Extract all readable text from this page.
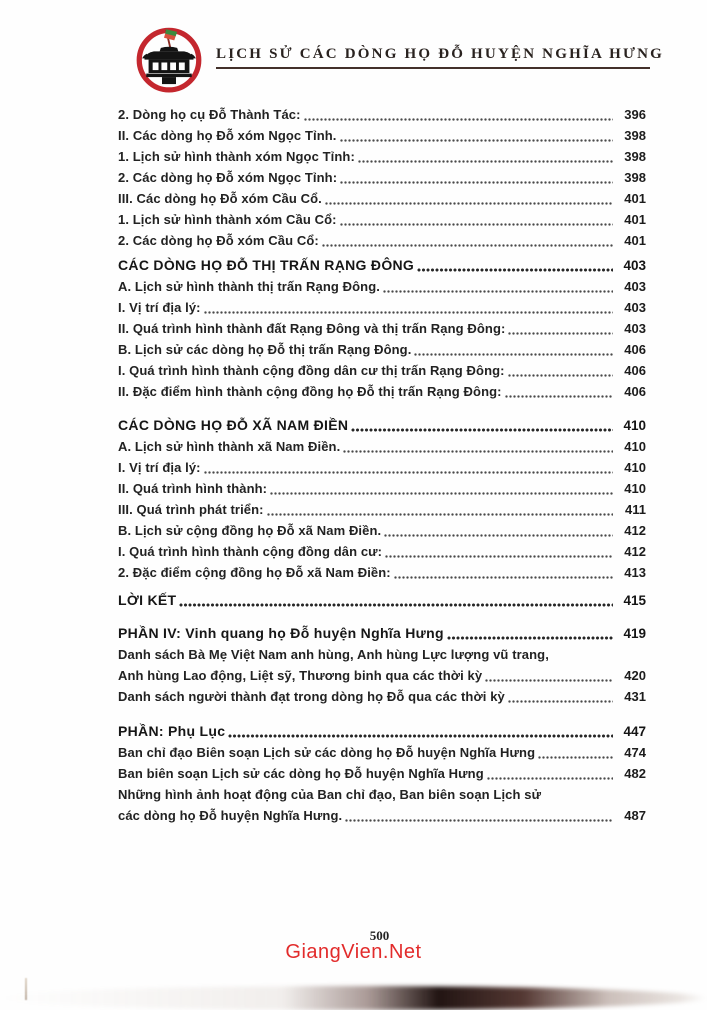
LỊCH SỬ CÁC DÒNG HỌ ĐỖ HUYỆN NGHĨA HƯNG
2. Dòng họ cụ Đỗ Thành Tác:	396
II. Các dòng họ Đỗ xóm Ngọc Tỉnh.	398
1. Lịch sử hình thành xóm Ngọc Tỉnh:	398
2. Các dòng họ Đỗ xóm Ngọc Tỉnh:	398
III. Các dòng họ Đỗ xóm Cầu Cổ.	401
1. Lịch sử hình thành xóm Cầu Cổ:	401
2. Các dòng họ Đỗ xóm Cầu Cổ:	401
CÁC DÒNG HỌ ĐỖ THỊ TRẤN RẠNG ĐÔNG	403
A. Lịch sử hình thành thị trấn Rạng Đông.	403
I. Vị trí địa lý:	403
II. Quá trình hình thành đất Rạng Đông và thị trấn Rạng Đông:	403
B. Lịch sử các dòng họ Đỗ thị trấn Rạng Đông.	406
I. Quá trình hình thành cộng đồng dân cư thị trấn Rạng Đông:	406
II. Đặc điểm hình thành cộng đồng họ Đỗ thị trấn Rạng Đông:	406
CÁC DÒNG HỌ ĐỖ XÃ NAM ĐIỀN	410
A. Lịch sử hình thành xã Nam Điền.	410
I. Vị trí địa lý:	410
II. Quá trình hình thành:	410
III. Quá trình phát triển:	411
B. Lịch sử cộng đồng họ Đỗ xã Nam Điền.	412
I. Quá trình hình thành cộng đồng dân cư:	412
2. Đặc điểm cộng đồng họ Đỗ xã Nam Điền:	413
LỜI KẾT	415
PHẦN IV: Vinh quang họ Đỗ huyện Nghĩa Hưng	419
Danh sách Bà Mẹ Việt Nam anh hùng, Anh hùng Lực lượng vũ trang,
Anh hùng Lao động, Liệt sỹ, Thương binh qua các thời kỳ	420
Danh sách người thành đạt trong dòng họ Đỗ qua các thời kỳ	431
PHẦN: Phụ Lục	447
Ban chỉ đạo Biên soạn Lịch sử các dòng họ Đỗ huyện Nghĩa Hưng	474
Ban biên soạn Lịch sử các dòng họ Đỗ huyện Nghĩa Hưng	482
Những hình ảnh hoạt động của Ban chỉ đạo, Ban biên soạn Lịch sử
các dòng họ Đỗ huyện Nghĩa Hưng.	487
500
GiangVien.Net
